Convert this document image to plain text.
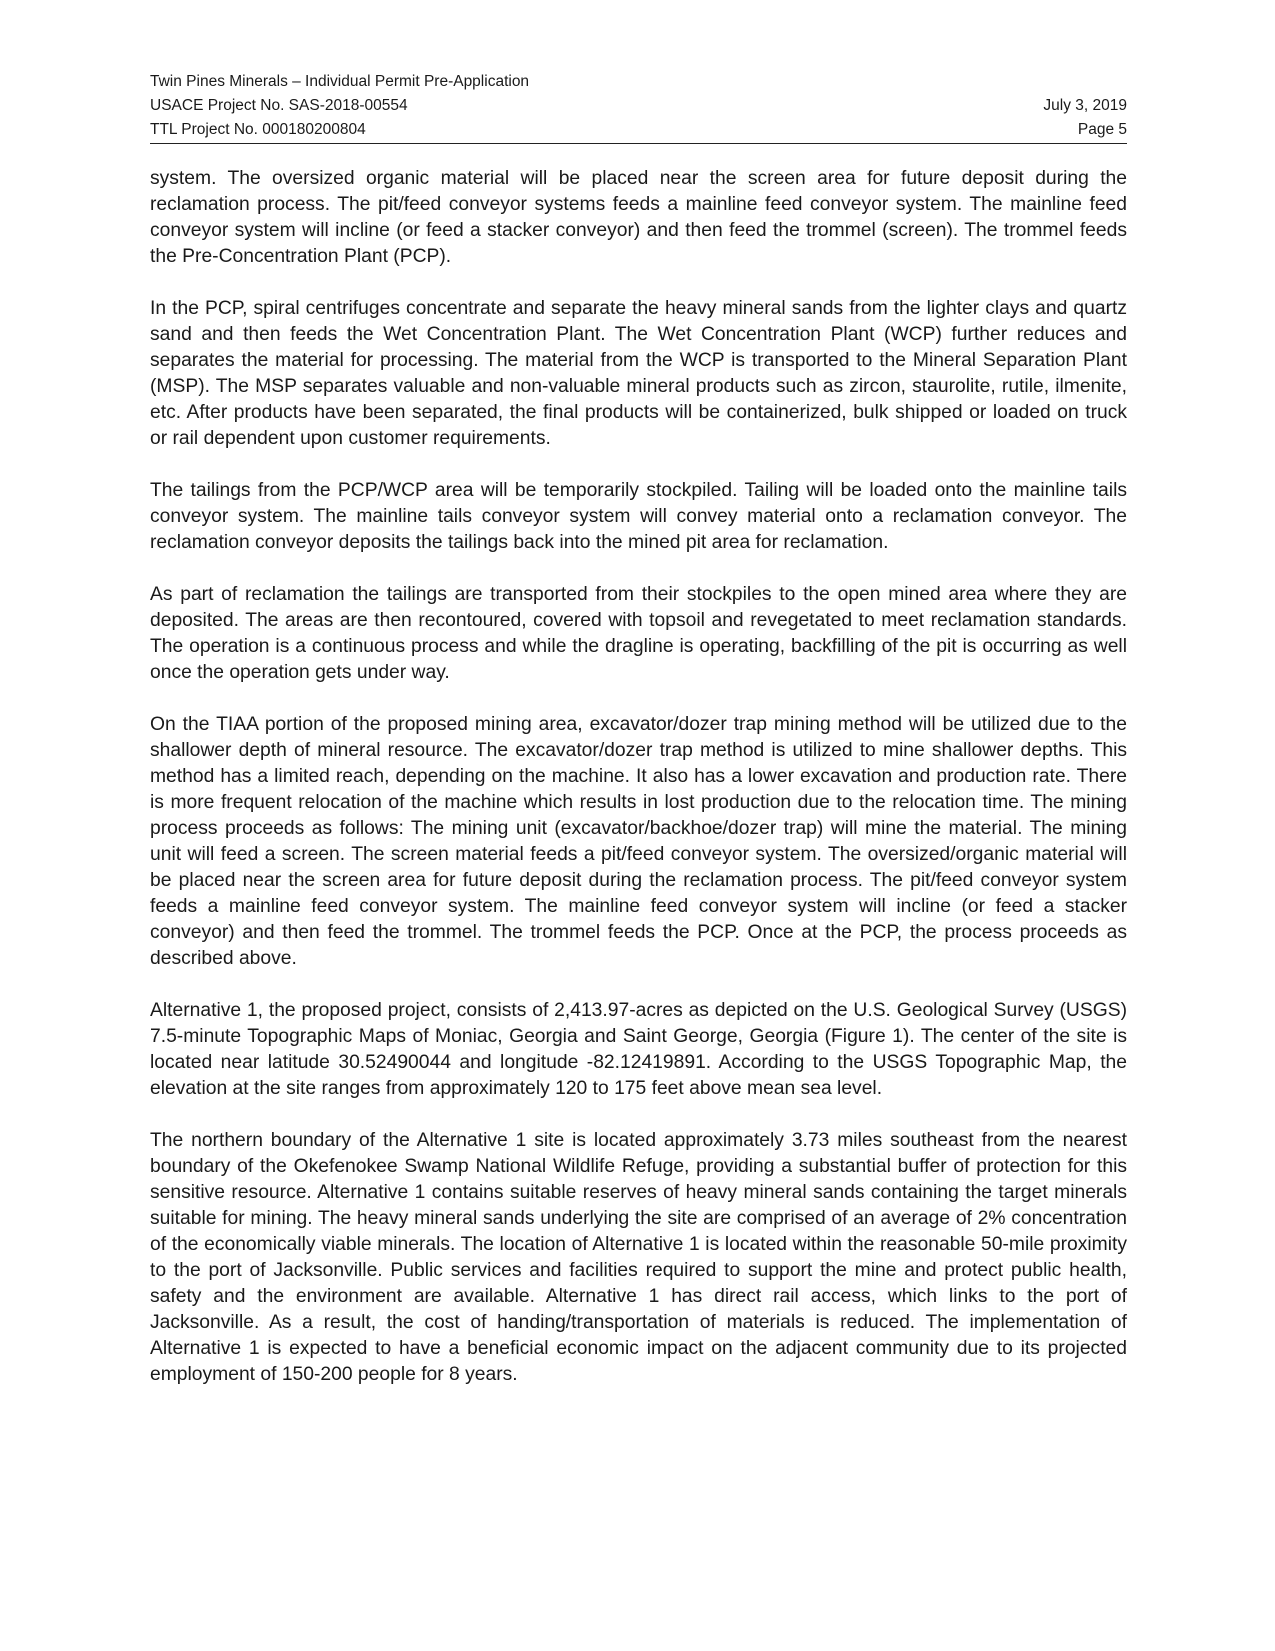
Twin Pines Minerals – Individual Permit Pre-Application
USACE Project No. SAS-2018-00554	July 3, 2019
TTL Project No. 000180200804	Page 5

system. The oversized organic material will be placed near the screen area for future deposit during the reclamation process. The pit/feed conveyor systems feeds a mainline feed conveyor system. The mainline feed conveyor system will incline (or feed a stacker conveyor) and then feed the trommel (screen). The trommel feeds the Pre-Concentration Plant (PCP).

In the PCP, spiral centrifuges concentrate and separate the heavy mineral sands from the lighter clays and quartz sand and then feeds the Wet Concentration Plant. The Wet Concentration Plant (WCP) further reduces and separates the material for processing. The material from the WCP is transported to the Mineral Separation Plant (MSP). The MSP separates valuable and non-valuable mineral products such as zircon, staurolite, rutile, ilmenite, etc. After products have been separated, the final products will be containerized, bulk shipped or loaded on truck or rail dependent upon customer requirements.

The tailings from the PCP/WCP area will be temporarily stockpiled. Tailing will be loaded onto the mainline tails conveyor system. The mainline tails conveyor system will convey material onto a reclamation conveyor. The reclamation conveyor deposits the tailings back into the mined pit area for reclamation.

As part of reclamation the tailings are transported from their stockpiles to the open mined area where they are deposited. The areas are then recontoured, covered with topsoil and revegetated to meet reclamation standards. The operation is a continuous process and while the dragline is operating, backfilling of the pit is occurring as well once the operation gets under way.

On the TIAA portion of the proposed mining area, excavator/dozer trap mining method will be utilized due to the shallower depth of mineral resource. The excavator/dozer trap method is utilized to mine shallower depths. This method has a limited reach, depending on the machine. It also has a lower excavation and production rate. There is more frequent relocation of the machine which results in lost production due to the relocation time. The mining process proceeds as follows: The mining unit (excavator/backhoe/dozer trap) will mine the material. The mining unit will feed a screen. The screen material feeds a pit/feed conveyor system. The oversized/organic material will be placed near the screen area for future deposit during the reclamation process. The pit/feed conveyor system feeds a mainline feed conveyor system. The mainline feed conveyor system will incline (or feed a stacker conveyor) and then feed the trommel. The trommel feeds the PCP. Once at the PCP, the process proceeds as described above.

Alternative 1, the proposed project, consists of 2,413.97-acres as depicted on the U.S. Geological Survey (USGS) 7.5-minute Topographic Maps of Moniac, Georgia and Saint George, Georgia (Figure 1). The center of the site is located near latitude 30.52490044 and longitude -82.12419891. According to the USGS Topographic Map, the elevation at the site ranges from approximately 120 to 175 feet above mean sea level.

The northern boundary of the Alternative 1 site is located approximately 3.73 miles southeast from the nearest boundary of the Okefenokee Swamp National Wildlife Refuge, providing a substantial buffer of protection for this sensitive resource. Alternative 1 contains suitable reserves of heavy mineral sands containing the target minerals suitable for mining. The heavy mineral sands underlying the site are comprised of an average of 2% concentration of the economically viable minerals. The location of Alternative 1 is located within the reasonable 50-mile proximity to the port of Jacksonville. Public services and facilities required to support the mine and protect public health, safety and the environment are available. Alternative 1 has direct rail access, which links to the port of Jacksonville. As a result, the cost of handing/transportation of materials is reduced. The implementation of Alternative 1 is expected to have a beneficial economic impact on the adjacent community due to its projected employment of 150-200 people for 8 years.
